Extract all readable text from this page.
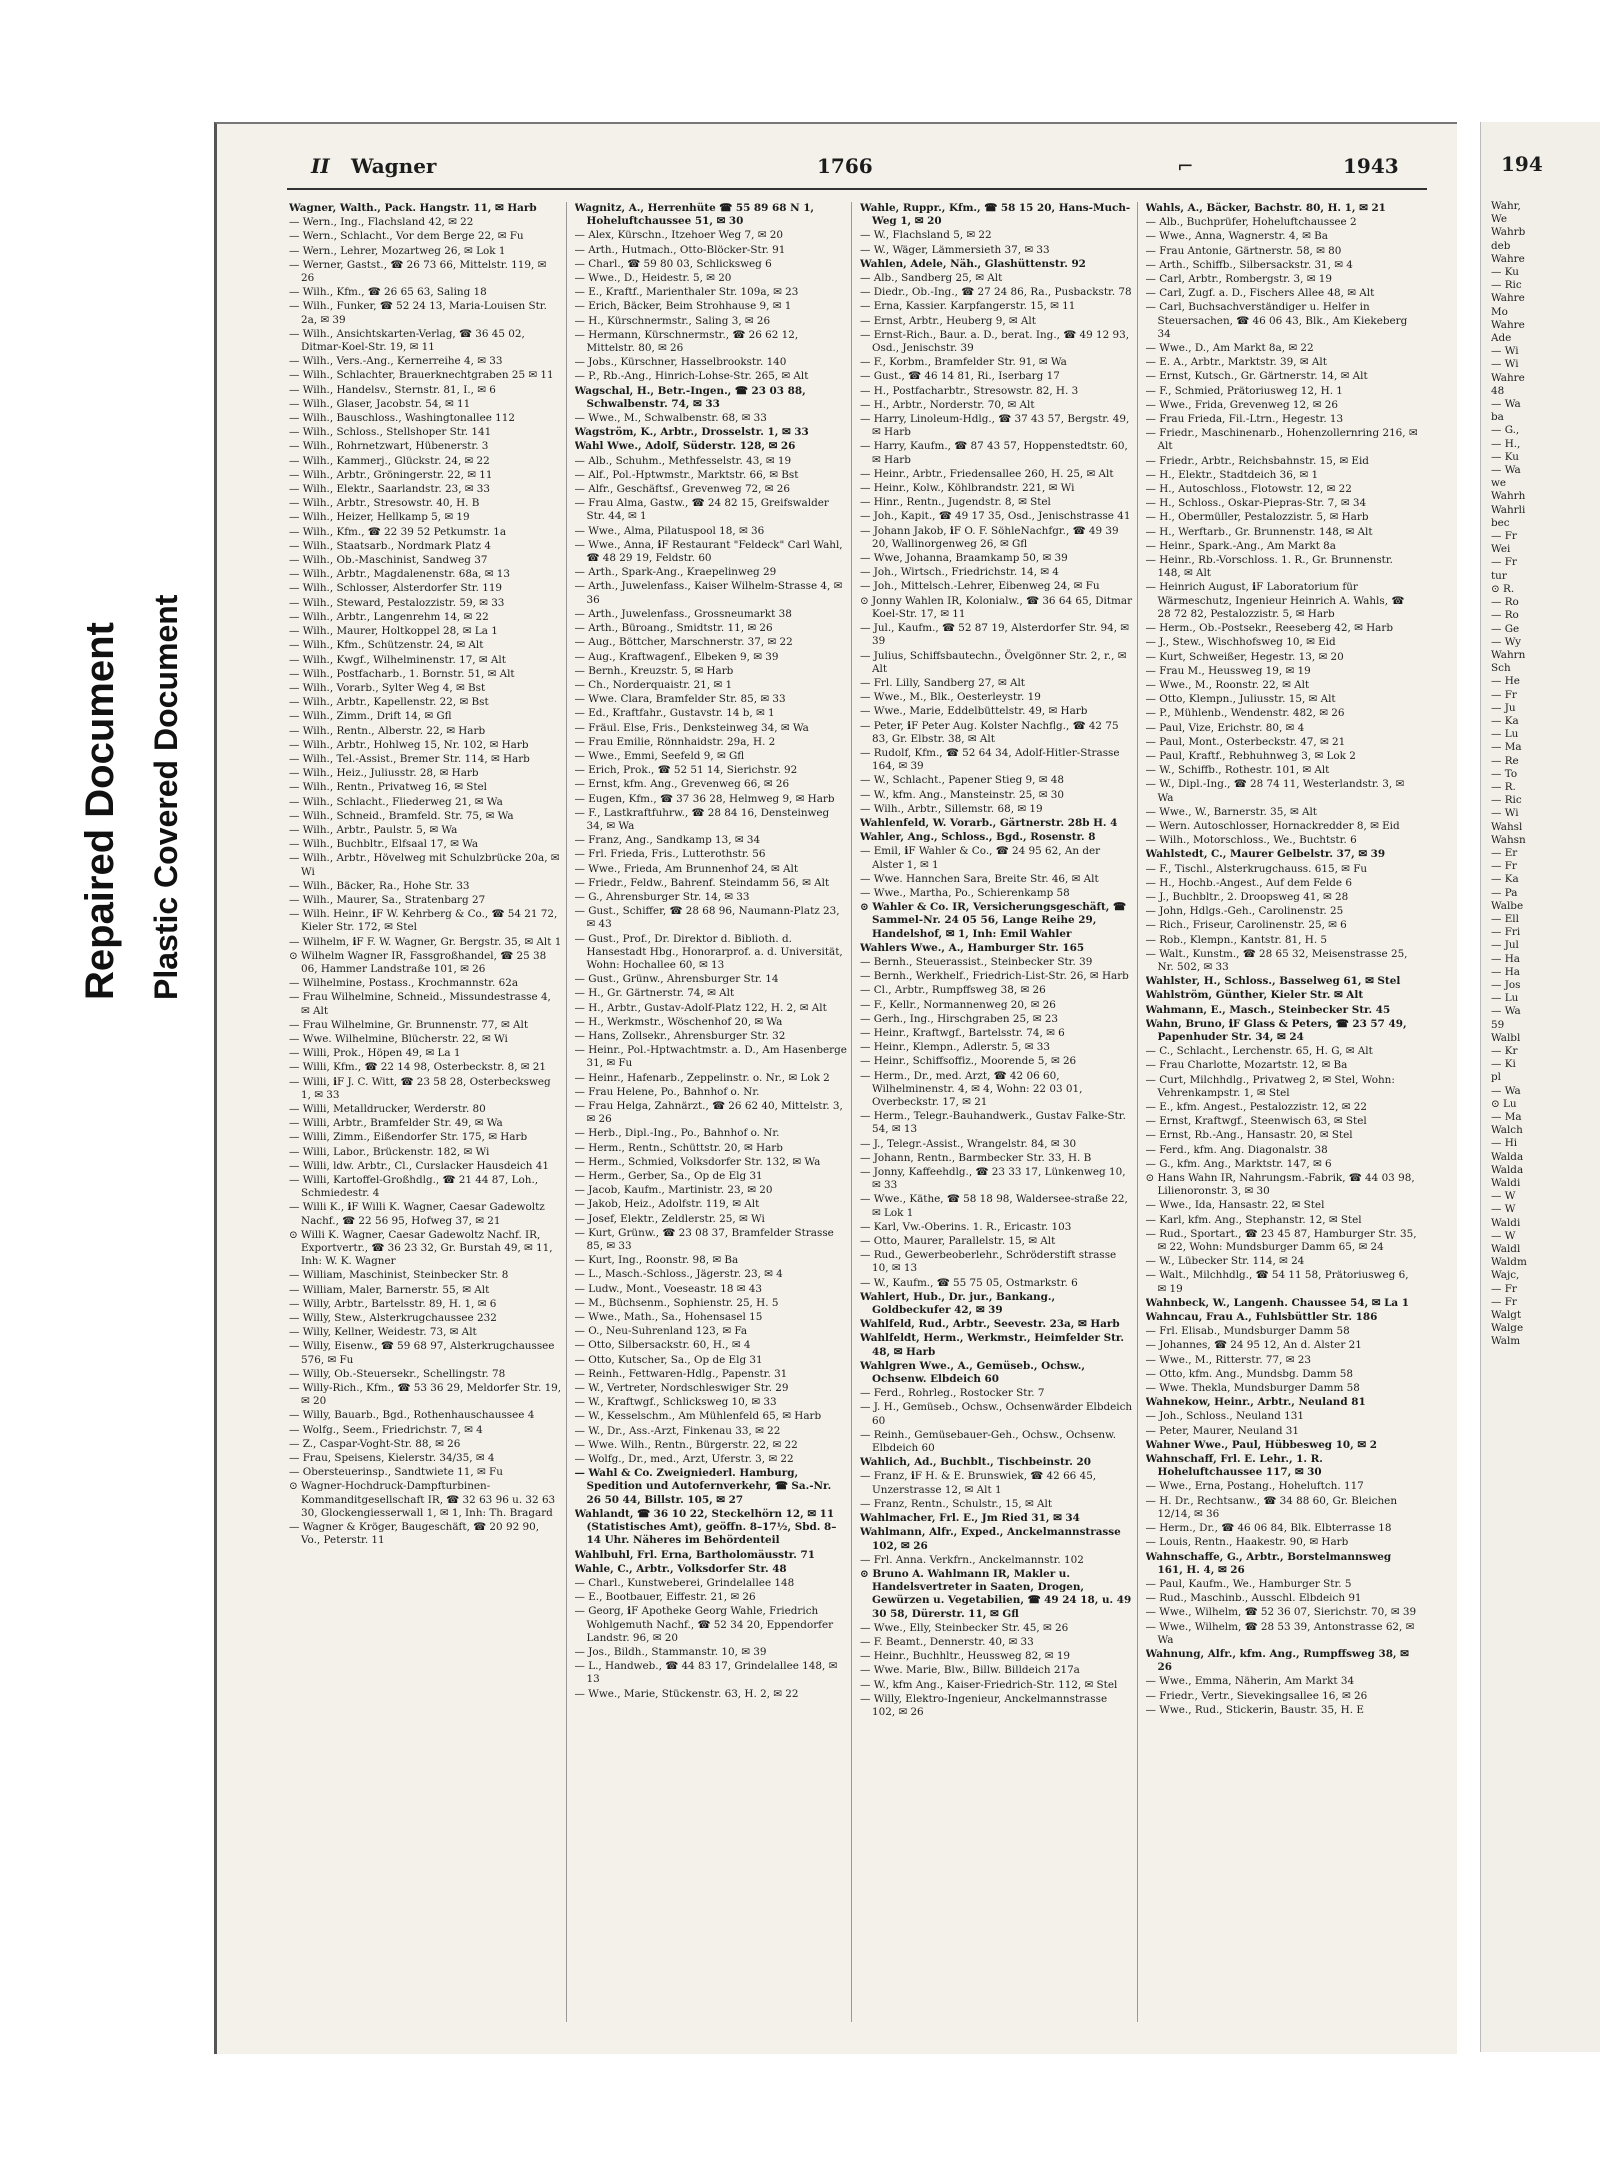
Repaired Document Plastic Covered Document
II Wagner	1766	⌐	1943
Wagner, Walth., Pack. Hangstr. 11, ✉ Harb
— Wern., Ing., Flachsland 42, ✉ 22
— Wern., Schlacht., Vor dem Berge 22, ✉ Fu
— Wern., Lehrer, Mozartweg 26, ✉ Lok 1
— Werner, Gastst., ☎ 26 73 66, Mittelstr. 119, ✉ 26
— Wilh., Kfm., ☎ 26 65 63, Saling 18
— Wilh., Funker, ☎ 52 24 13, Maria-Louisen Str. 2a, ✉ 39
— Wilh., Ansichtskarten-Verlag, ☎ 36 45 02, Ditmar-Koel-Str. 19, ✉ 11
— Wilh., Vers.-Ang., Kernerreihe 4, ✉ 33
— Wilh., Schlachter, Brauerknechtgraben 25 ✉ 11
— Wilh., Handelsv., Sternstr. 81, I., ✉ 6
— Wilh., Glaser, Jacobstr. 54, ✉ 11
— Wilh., Bauschloss., Washingtonallee 112
— Wilh., Schloss., Stellshoper Str. 141
— Wilh., Rohrnetzwart, Hübenerstr. 3
— Wilh., Kammerj., Glückstr. 24, ✉ 22
— Wilh., Arbtr., Gröningerstr. 22, ✉ 11
— Wilh., Elektr., Saarlandstr. 23, ✉ 33
— Wilh., Arbtr., Stresowstr. 40, H. B
— Wilh., Heizer, Hellkamp 5, ✉ 19
— Wilh., Kfm., ☎ 22 39 52 Petkumstr. 1a
— Wilh., Staatsarb., Nordmark Platz 4
— Wilh., Ob.-Maschinist, Sandweg 37
— Wilh., Arbtr., Magdalenenstr. 68a, ✉ 13
— Wilh., Schlosser, Alsterdorfer Str. 119
— Wilh., Steward, Pestalozzistr. 59, ✉ 33
— Wilh., Arbtr., Langenrehm 14, ✉ 22
— Wilh., Maurer, Holtkoppel 28, ✉ La 1
— Wilh., Kfm., Schützenstr. 24, ✉ Alt
— Wilh., Kwgf., Wilhelminenstr. 17, ✉ Alt
— Wilh., Postfacharb., 1. Bornstr. 51, ✉ Alt
— Wilh., Vorarb., Sylter Weg 4, ✉ Bst
— Wilh., Arbtr., Kapellenstr. 22, ✉ Bst
— Wilh., Zimm., Drift 14, ✉ Gfl
— Wilh., Rentn., Alberstr. 22, ✉ Harb
— Wilh., Arbtr., Hohlweg 15, Nr. 102, ✉ Harb
— Wilh., Tel.-Assist., Bremer Str. 114, ✉ Harb
— Wilh., Heiz., Juliusstr. 28, ✉ Harb
— Wilh., Rentn., Privatweg 16, ✉ Stel
— Wilh., Schlacht., Fliederweg 21, ✉ Wa
— Wilh., Schneid., Bramfeld. Str. 75, ✉ Wa
— Wilh., Arbtr., Paulstr. 5, ✉ Wa
— Wilh., Buchbltr., Elfsaal 17, ✉ Wa
— Wilh., Arbtr., Hövelweg mit Schulzbrücke 20a, ✉ Wi
— Wilh., Bäcker, Ra., Hohe Str. 33
— Wilh., Maurer, Sa., Stratenbarg 27
— Wilh. Heinr., ℹF W. Kehrberg & Co., ☎ 54 21 72, Kieler Str. 172, ✉ Stel
— Wilhelm, ℹF F. W. Wagner, Gr. Bergstr. 35, ✉ Alt 1
⊙ Wilhelm Wagner IR, Fassgroßhandel, ☎ 25 38 06, Hammer Landstraße 101, ✉ 26
— Wilhelmine, Postass., Krochmannstr. 62a
— Frau Wilhelmine, Schneid., Missundestrasse 4, ✉ Alt
— Frau Wilhelmine, Gr. Brunnenstr. 77, ✉ Alt
— Wwe. Wilhelmine, Blücherstr. 22, ✉ Wi
— Willi, Prok., Höpen 49, ✉ La 1
— Willi, Kfm., ☎ 22 14 98, Osterbeckstr. 8, ✉ 21
— Willi, ℹF J. C. Witt, ☎ 23 58 28, Osterbecksweg 1, ✉ 33
— Willi, Metalldrucker, Werderstr. 80
— Willi, Arbtr., Bramfelder Str. 49, ✉ Wa
— Willi, Zimm., Eißendorfer Str. 175, ✉ Harb
— Willi, Labor., Brückenstr. 182, ✉ Wi
— Willi, ldw. Arbtr., Cl., Curslacker Hausdeich 41
— Willi, Kartoffel-Großhdlg., ☎ 21 44 87, Loh., Schmiedestr. 4
— Willi K., ℹF Willi K. Wagner, Caesar Gadewoltz Nachf., ☎ 22 56 95, Hofweg 37, ✉ 21
⊙ Willi K. Wagner, Caesar Gadewoltz Nachf. IR, Exportvertr., ☎ 36 23 32, Gr. Burstah 49, ✉ 11, Inh: W. K. Wagner
— William, Maschinist, Steinbecker Str. 8
— William, Maler, Barnerstr. 55, ✉ Alt
— Willy, Arbtr., Bartelsstr. 89, H. 1, ✉ 6
— Willy, Stew., Alsterkrugchaussee 232
— Willy, Kellner, Weidestr. 73, ✉ Alt
— Willy, Eisenw., ☎ 59 68 97, Alsterkrugchaussee 576, ✉ Fu
— Willy, Ob.-Steuersekr., Schellingstr. 78
— Willy-Rich., Kfm., ☎ 53 36 29, Meldorfer Str. 19, ✉ 20
— Willy, Bauarb., Bgd., Rothenhauschaussee 4
— Wolfg., Seem., Friedrichstr. 7, ✉ 4
— Z., Caspar-Voght-Str. 88, ✉ 26
— Frau, Speisens, Kielerstr. 34/35, ✉ 4
— Obersteuerinsp., Sandtwiete 11, ✉ Fu
⊙ Wagner-Hochdruck-Dampfturbinen-Kommanditgesellschaft IR, ☎ 32 63 96 u. 32 63 30, Glockengiesserwall 1, ✉ 1, Inh: Th. Bragard
— Wagner & Kröger, Baugeschäft, ☎ 20 92 90, Vo., Peterstr. 11
Wagnitz, A., Herrenhüte ☎ 55 89 68 N 1, Hoheluftchaussee 51, ✉ 30
— Alex, Kürschn., Itzehoer Weg 7, ✉ 20
— Arth., Hutmach., Otto-Blöcker-Str. 91
— Charl., ☎ 59 80 03, Schlicksweg 6
— Wwe., D., Heidestr. 5, ✉ 20
— E., Kraftf., Marienthaler Str. 109a, ✉ 23
— Erich, Bäcker, Beim Strohhause 9, ✉ 1
— H., Kürschnermstr., Saling 3, ✉ 26
— Hermann, Kürschnermstr., ☎ 26 62 12, Mittelstr. 80, ✉ 26
— Jobs., Kürschner, Hasselbrookstr. 140
— P., Rb.-Ang., Hinrich-Lohse-Str. 265, ✉ Alt
Wagschal, H., Betr.-Ingen., ☎ 23 03 88, Schwalbenstr. 74, ✉ 33
— Wwe., M., Schwalbenstr. 68, ✉ 33
Wagström, K., Arbtr., Drosselstr. 1, ✉ 33
Wahl Wwe., Adolf, Süderstr. 128, ✉ 26
— Alb., Schuhm., Methfesselstr. 43, ✉ 19
— Alf., Pol.-Hptwmstr., Marktstr. 66, ✉ Bst
— Alfr., Geschäftsf., Grevenweg 72, ✉ 26
— Frau Alma, Gastw., ☎ 24 82 15, Greifswalder Str. 44, ✉ 1
— Wwe., Alma, Pilatuspool 18, ✉ 36
— Wwe., Anna, ℹF Restaurant "Feldeck" Carl Wahl, ☎ 48 29 19, Feldstr. 60
— Arth., Spark-Ang., Kraepelinweg 29
— Arth., Juwelenfass., Kaiser Wilhelm-Strasse 4, ✉ 36
— Arth., Juwelenfass., Grossneumarkt 38
— Arth., Büroang., Smidtstr. 11, ✉ 26
— Aug., Böttcher, Marschnerstr. 37, ✉ 22
— Aug., Kraftwagenf., Elbeken 9, ✉ 39
— Bernh., Kreuzstr. 5, ✉ Harb
— Ch., Norderquaistr. 21, ✉ 1
— Wwe. Clara, Bramfelder Str. 85, ✉ 33
— Ed., Kraftfahr., Gustavstr. 14 b, ✉ 1
— Fräul. Else, Fris., Denksteinweg 34, ✉ Wa
— Frau Emilie, Rönnhaidstr. 29a, H. 2
— Wwe., Emmi, Seefeld 9, ✉ Gfl
— Erich, Prok., ☎ 52 51 14, Sierichstr. 92
— Ernst, kfm. Ang., Grevenweg 66, ✉ 26
— Eugen, Kfm., ☎ 37 36 28, Helmweg 9, ✉ Harb
— F., Lastkraftfuhrw., ☎ 28 84 16, Densteinweg 34, ✉ Wa
— Franz, Ang., Sandkamp 13, ✉ 34
— Frl. Frieda, Fris., Lutterothstr. 56
— Wwe., Frieda, Am Brunnenhof 24, ✉ Alt
— Friedr., Feldw., Bahrenf. Steindamm 56, ✉ Alt
— G., Ahrensburger Str. 14, ✉ 33
— Gust., Schiffer, ☎ 28 68 96, Naumann-Platz 23, ✉ 43
— Gust., Prof., Dr. Direktor d. Biblioth. d. Hansestadt Hbg., Honorarprof. a. d. Universität, Wohn: Hochallee 60, ✉ 13
— Gust., Grünw., Ahrensburger Str. 14
— H., Gr. Gärtnerstr. 74, ✉ Alt
— H., Arbtr., Gustav-Adolf-Platz 122, H. 2, ✉ Alt
— H., Werkmstr., Wöschenhof 20, ✉ Wa
— Hans, Zollsekr., Ahrensburger Str. 32
— Heinr., Pol.-Hptwachtmstr. a. D., Am Hasenberge 31, ✉ Fu
— Heinr., Hafenarb., Zeppelinstr. o. Nr., ✉ Lok 2
— Frau Helene, Po., Bahnhof o. Nr.
— Frau Helga, Zahnärzt., ☎ 26 62 40, Mittelstr. 3, ✉ 26
— Herb., Dipl.-Ing., Po., Bahnhof o. Nr.
— Herm., Rentn., Schüttstr. 20, ✉ Harb
— Herm., Schmied, Volksdorfer Str. 132, ✉ Wa
— Herm., Gerber, Sa., Op de Elg 31
— Jacob, Kaufm., Martinistr. 23, ✉ 20
— Jakob, Heiz., Adolfstr. 119, ✉ Alt
— Josef, Elektr., Zeldlerstr. 25, ✉ Wi
— Kurt, Grünw., ☎ 23 08 37, Bramfelder Strasse 85, ✉ 33
— Kurt, Ing., Roonstr. 98, ✉ Ba
— L., Masch.-Schloss., Jägerstr. 23, ✉ 4
— Ludw., Mont., Voeseastr. 18 ✉ 43
— M., Büchsenm., Sophienstr. 25, H. 5
— Wwe., Math., Sa., Hohensasel 15
— O., Neu-Suhrenland 123, ✉ Fa
— Otto, Silbersackstr. 60, H., ✉ 4
— Otto, Kutscher, Sa., Op de Elg 31
— Reinh., Fettwaren-Hdlg., Papenstr. 31
— W., Vertreter, Nordschleswiger Str. 29
— W., Kraftwgf., Schlicksweg 10, ✉ 33
— W., Kesselschm., Am Mühlenfeld 65, ✉ Harb
— W., Dr., Ass.-Arzt, Finkenau 33, ✉ 22
— Wwe. Wilh., Rentn., Bürgerstr. 22, ✉ 22
— Wolfg., Dr., med., Arzt, Uferstr. 3, ✉ 22
— Wahl & Co. Zweigniederl. Hamburg, Spedition und Autofernverkehr, ☎ Sa.-Nr. 26 50 44, Billstr. 105, ✉ 27
Wahlandt, ☎ 36 10 22, Steckelhörn 12, ✉ 11 (Statistisches Amt), geöffn. 8–17½, Sbd. 8–14 Uhr. Näheres im Behördenteil
Wahlbuhl, Frl. Erna, Bartholomäusstr. 71
Wahle, C., Arbtr., Volksdorfer Str. 48
— Charl., Kunstweberei, Grindelallee 148
— E., Bootbauer, Eiffestr. 21, ✉ 26
— Georg, ℹF Apotheke Georg Wahle, Friedrich Wohlgemuth Nachf., ☎ 52 34 20, Eppendorfer Landstr. 96, ✉ 20
— Jos., Bildh., Stammanstr. 10, ✉ 39
— L., Handweb., ☎ 44 83 17, Grindelallee 148, ✉ 13
— Wwe., Marie, Stückenstr. 63, H. 2, ✉ 22
Wahle, Ruppr., Kfm., ☎ 58 15 20, Hans-Much-Weg 1, ✉ 20
— W., Flachsland 5, ✉ 22
— W., Wäger, Lämmersieth 37, ✉ 33
Wahlen, Adele, Näh., Glashüttenstr. 92
— Alb., Sandberg 25, ✉ Alt
— Diedr., Ob.-Ing., ☎ 27 24 86, Ra., Pusbackstr. 78
— Erna, Kassier. Karpfangerstr. 15, ✉ 11
— Ernst, Arbtr., Heuberg 9, ✉ Alt
— Ernst-Rich., Baur. a. D., berat. Ing., ☎ 49 12 93, Osd., Jenischstr. 39
— F., Korbm., Bramfelder Str. 91, ✉ Wa
— Gust., ☎ 46 14 81, Ri., Iserbarg 17
— H., Postfacharbtr., Stresowstr. 82, H. 3
— H., Arbtr., Norderstr. 70, ✉ Alt
— Harry, Linoleum-Hdlg., ☎ 37 43 57, Bergstr. 49, ✉ Harb
— Harry, Kaufm., ☎ 87 43 57, Hoppenstedtstr. 60, ✉ Harb
— Heinr., Arbtr., Friedensallee 260, H. 25, ✉ Alt
— Heinr., Kolw., Köhlbrandstr. 221, ✉ Wi
— Hinr., Rentn., Jugendstr. 8, ✉ Stel
— Joh., Kapit., ☎ 49 17 35, Osd., Jenischstrasse 41
— Johann Jakob, ℹF O. F. SöhleNachfgr., ☎ 49 39 20, Wallinorgenweg 26, ✉ Gfl
— Wwe, Johanna, Braamkamp 50, ✉ 39
— Joh., Wirtsch., Friedrichstr. 14, ✉ 4
— Joh., Mittelsch.-Lehrer, Eibenweg 24, ✉ Fu
⊙ Jonny Wahlen IR, Kolonialw., ☎ 36 64 65, Ditmar Koel-Str. 17, ✉ 11
— Jul., Kaufm., ☎ 52 87 19, Alsterdorfer Str. 94, ✉ 39
— Julius, Schiffsbautechn., Övelgönner Str. 2, r., ✉ Alt
— Frl. Lilly, Sandberg 27, ✉ Alt
— Wwe., M., Blk., Oesterleystr. 19
— Wwe., Marie, Eddelbüttelstr. 49, ✉ Harb
— Peter, ℹF Peter Aug. Kolster Nachflg., ☎ 42 75 83, Gr. Elbstr. 38, ✉ Alt
— Rudolf, Kfm., ☎ 52 64 34, Adolf-Hitler-Strasse 164, ✉ 39
— W., Schlacht., Papener Stieg 9, ✉ 48
— W., kfm. Ang., Mansteinstr. 25, ✉ 30
— Wilh., Arbtr., Sillemstr. 68, ✉ 19
Wahlenfeld, W. Vorarb., Gärtnerstr. 28b H. 4
Wahler, Ang., Schloss., Bgd., Rosenstr. 8
— Emil, ℹF Wahler & Co., ☎ 24 95 62, An der Alster 1, ✉ 1
— Wwe. Hannchen Sara, Breite Str. 46, ✉ Alt
— Wwe., Martha, Po., Schierenkamp 58
⊙ Wahler & Co. IR, Versicherungsgeschäft, ☎ Sammel-Nr. 24 05 56, Lange Reihe 29, Handelshof, ✉ 1, Inh: Emil Wahler
Wahlers Wwe., A., Hamburger Str. 165
— Bernh., Steuerassist., Steinbecker Str. 39
— Bernh., Werkhelf., Friedrich-List-Str. 26, ✉ Harb
— Cl., Arbtr., Rumpffsweg 38, ✉ 26
— F., Kellr., Normannenweg 20, ✉ 26
— Gerh., Ing., Hirschgraben 25, ✉ 23
— Heinr., Kraftwgf., Bartelsstr. 74, ✉ 6
— Heinr., Klempn., Adlerstr. 5, ✉ 33
— Heinr., Schiffsoffiz., Moorende 5, ✉ 26
— Herm., Dr., med. Arzt, ☎ 42 06 60, Wilhelminenstr. 4, ✉ 4, Wohn: 22 03 01, Overbeckstr. 17, ✉ 21
— Herm., Telegr.-Bauhandwerk., Gustav Falke-Str. 54, ✉ 13
— J., Telegr.-Assist., Wrangelstr. 84, ✉ 30
— Johann, Rentn., Barmbecker Str. 33, H. B
— Jonny, Kaffeehdlg., ☎ 23 33 17, Lünkenweg 10, ✉ 33
— Wwe., Käthe, ☎ 58 18 98, Waldersee-straße 22, ✉ Lok 1
— Karl, Vw.-Oberins. 1. R., Ericastr. 103
— Otto, Maurer, Parallelstr. 15, ✉ Alt
— Rud., Gewerbeoberlehr., Schröderstift strasse 10, ✉ 13
— W., Kaufm., ☎ 55 75 05, Ostmarkstr. 6
Wahlert, Hub., Dr. jur., Bankang., Goldbeckufer 42, ✉ 39
Wahlfeld, Rud., Arbtr., Seevestr. 23a, ✉ Harb
Wahlfeldt, Herm., Werkmstr., Heimfelder Str. 48, ✉ Harb
Wahlgren Wwe., A., Gemüseb., Ochsw., Ochsenw. Elbdeich 60
— Ferd., Rohrleg., Rostocker Str. 7
— J. H., Gemüseb., Ochsw., Ochsenwärder Elbdeich 60
— Reinh., Gemüsebauer-Geh., Ochsw., Ochsenw. Elbdeich 60
Wahlich, Ad., Buchblt., Tischbeinstr. 20
— Franz, ℹF H. & E. Brunswiek, ☎ 42 66 45, Unzerstrasse 12, ✉ Alt 1
— Franz, Rentn., Schulstr., 15, ✉ Alt
Wahlmacher, Frl. E., Jm Ried 31, ✉ 34
Wahlmann, Alfr., Exped., Anckelmannstrasse 102, ✉ 26
— Frl. Anna. Verkfrn., Anckelmannstr. 102
⊙ Bruno A. Wahlmann IR, Makler u. Handelsvertreter in Saaten, Drogen, Gewürzen u. Vegetabilien, ☎ 49 24 18, u. 49 30 58, Dürerstr. 11, ✉ Gfl
— Wwe., Elly, Steinbecker Str. 45, ✉ 26
— F. Beamt., Dennerstr. 40, ✉ 33
— Heinr., Buchhltr., Heussweg 82, ✉ 19
— Wwe. Marie, Blw., Billw. Billdeich 217a
— W., kfm Ang., Kaiser-Friedrich-Str. 112, ✉ Stel
— Willy, Elektro-Ingenieur, Anckelmannstrasse 102, ✉ 26
Wahls, A., Bäcker, Bachstr. 80, H. 1, ✉ 21
— Alb., Buchprüfer, Hoheluftchaussee 2
— Wwe., Anna, Wagnerstr. 4, ✉ Ba
— Frau Antonie, Gärtnerstr. 58, ✉ 80
— Arth., Schiffb., Silbersackstr. 31, ✉ 4
— Carl, Arbtr., Rombergstr. 3, ✉ 19
— Carl, Zugf. a. D., Fischers Allee 48, ✉ Alt
— Carl, Buchsachverständiger u. Helfer in Steuersachen, ☎ 46 06 43, Blk., Am Kiekeberg 34
— Wwe., D., Am Markt 8a, ✉ 22
— E. A., Arbtr., Marktstr. 39, ✉ Alt
— Ernst, Kutsch., Gr. Gärtnerstr. 14, ✉ Alt
— F., Schmied, Prätoriusweg 12, H. 1
— Wwe., Frida, Grevenweg 12, ✉ 26
— Frau Frieda, Fil.-Ltrn., Hegestr. 13
— Friedr., Maschinenarb., Hohenzollernring 216, ✉ Alt
— Friedr., Arbtr., Reichsbahnstr. 15, ✉ Eid
— H., Elektr., Stadtdeich 36, ✉ 1
— H., Autoschloss., Flotowstr. 12, ✉ 22
— H., Schloss., Oskar-Piepras-Str. 7, ✉ 34
— H., Obermüller, Pestalozzistr. 5, ✉ Harb
— H., Werftarb., Gr. Brunnenstr. 148, ✉ Alt
— Heinr., Spark.-Ang., Am Markt 8a
— Heinr., Rb.-Vorschloss. 1. R., Gr. Brunnenstr. 148, ✉ Alt
— Heinrich August, ℹF Laboratorium für Wärmeschutz, Ingenieur Heinrich A. Wahls, ☎ 28 72 82, Pestalozzistr. 5, ✉ Harb
— Herm., Ob.-Postsekr., Reeseberg 42, ✉ Harb
— J., Stew., Wischhofsweg 10, ✉ Eid
— Kurt, Schweißer, Hegestr. 13, ✉ 20
— Frau M., Heussweg 19, ✉ 19
— Wwe., M., Roonstr. 22, ✉ Alt
— Otto, Klempn., Juliusstr. 15, ✉ Alt
— P., Mühlenb., Wendenstr. 482, ✉ 26
— Paul, Vize, Erichstr. 80, ✉ 4
— Paul, Mont., Osterbeckstr. 47, ✉ 21
— Paul, Kraftf., Rebhuhnweg 3, ✉ Lok 2
— W., Schiffb., Rothestr. 101, ✉ Alt
— W., Dipl.-Ing., ☎ 28 74 11, Westerlandstr. 3, ✉ Wa
— Wwe., W., Barnerstr. 35, ✉ Alt
— Wern. Autoschlosser, Hornackredder 8, ✉ Eid
— Wilh., Motorschloss., We., Buchtstr. 6
Wahlstedt, C., Maurer Gelbelstr. 37, ✉ 39
— F., Tischl., Alsterkrugchauss. 615, ✉ Fu
— H., Hochb.-Angest., Auf dem Felde 6
— J., Buchbltr., 2. Droopsweg 41, ✉ 28
— John, Hdlgs.-Geh., Carolinenstr. 25
— Rich., Friseur, Carolinenstr. 25, ✉ 6
— Rob., Klempn., Kantstr. 81, H. 5
— Walt., Kunstm., ☎ 28 65 32, Meisenstrasse 25, Nr. 502, ✉ 33
Wahlster, H., Schloss., Basselweg 61, ✉ Stel
Wahlström, Günther, Kieler Str. ✉ Alt
Wahmann, E., Masch., Steinbecker Str. 45
Wahn, Bruno, ℹF Glass & Peters, ☎ 23 57 49, Papenhuder Str. 34, ✉ 24
— C., Schlacht., Lerchenstr. 65, H. G, ✉ Alt
— Frau Charlotte, Mozartstr. 12, ✉ Ba
— Curt, Milchhdlg., Privatweg 2, ✉ Stel, Wohn: Vehrenkampstr. 1, ✉ Stel
— E., kfm. Angest., Pestalozzistr. 12, ✉ 22
— Ernst, Kraftwgf., Steenwisch 63, ✉ Stel
— Ernst, Rb.-Ang., Hansastr. 20, ✉ Stel
— Ferd., kfm. Ang. Diagonalstr. 38
— G., kfm. Ang., Marktstr. 147, ✉ 6
⊙ Hans Wahn IR, Nahrungsm.-Fabrik, ☎ 44 03 98, Lilienoronstr. 3, ✉ 30
— Wwe., Ida, Hansastr. 22, ✉ Stel
— Karl, kfm. Ang., Stephanstr. 12, ✉ Stel
— Rud., Sportart., ☎ 23 45 87, Hamburger Str. 35, ✉ 22, Wohn: Mundsburger Damm 65, ✉ 24
— W., Lübecker Str. 114, ✉ 24
— Walt., Milchhdlg., ☎ 54 11 58, Prätoriusweg 6, ✉ 19
Wahnbeck, W., Langenh. Chaussee 54, ✉ La 1
Wahncau, Frau A., Fuhlsbüttler Str. 186
— Frl. Elisab., Mundsburger Damm 58
— Johannes, ☎ 24 95 12, An d. Alster 21
— Wwe., M., Ritterstr. 77, ✉ 23
— Otto, kfm. Ang., Mundsbg. Damm 58
— Wwe. Thekla, Mundsburger Damm 58
Wahnekow, Heinr., Arbtr., Neuland 81
— Joh., Schloss., Neuland 131
— Peter, Maurer, Neuland 31
Wahner Wwe., Paul, Hübbesweg 10, ✉ 2
Wahnschaff, Frl. E. Lehr., 1. R. Hoheluftchaussee 117, ✉ 30
— Wwe., Erna, Postang., Hoheluftch. 117
— H. Dr., Rechtsanw., ☎ 34 88 60, Gr. Bleichen 12/14, ✉ 36
— Herm., Dr., ☎ 46 06 84, Blk. Elbterrasse 18
— Louis, Rentn., Haakestr. 90, ✉ Harb
Wahnschaffe, G., Arbtr., Borstelmannsweg 161, H. 4, ✉ 26
— Paul, Kaufm., We., Hamburger Str. 5
— Rud., Maschinb., Ausschl. Elbdeich 91
— Wwe., Wilhelm, ☎ 52 36 07, Sierichstr. 70, ✉ 39
— Wwe., Wilhelm, ☎ 28 53 39, Antonstrasse 62, ✉ Wa
Wahnung, Alfr., kfm. Ang., Rumpffsweg 38, ✉ 26
— Wwe., Emma, Näherin, Am Markt 34
— Friedr., Vertr., Sievekingsallee 16, ✉ 26
— Wwe., Rud., Stickerin, Baustr. 35, H. E
194
Wahr,
We
Wahrb
deb
Wahre
— Ku
— Ric
Wahre
Mo
Wahre
Ade
— Wi
— Wi
Wahre
48
— Wa
ba
— G.,
— H.,
— Ku
— Wa
we
Wahrh
Wahrli
bec
— Fr
Wei
— Fr
tur
⊙ R.
— Ro
— Ro
— Ge
— Wy
Wahrn
Sch
— He
— Fr
— Ju
— Ka
— Lu
— Ma
— Re
— To
— R.
— Ric
— Wi
Wahsl
Wahsn
— Er
— Fr
— Ka
— Pa
Walbe
— Ell
— Fri
— Jul
— Ha
— Ha
— Jos
— Lu
— Wa
59
Walbl
— Kr
— Ki
pl
— Wa
⊙ Lu
— Ma
Walch
— Hi
Walda
Walda
Waldi
— W
— W
Waldi
— W
Waldl
Waldm
Wajc,
— Fr
— Fr
Walgt
Walge
Walm
